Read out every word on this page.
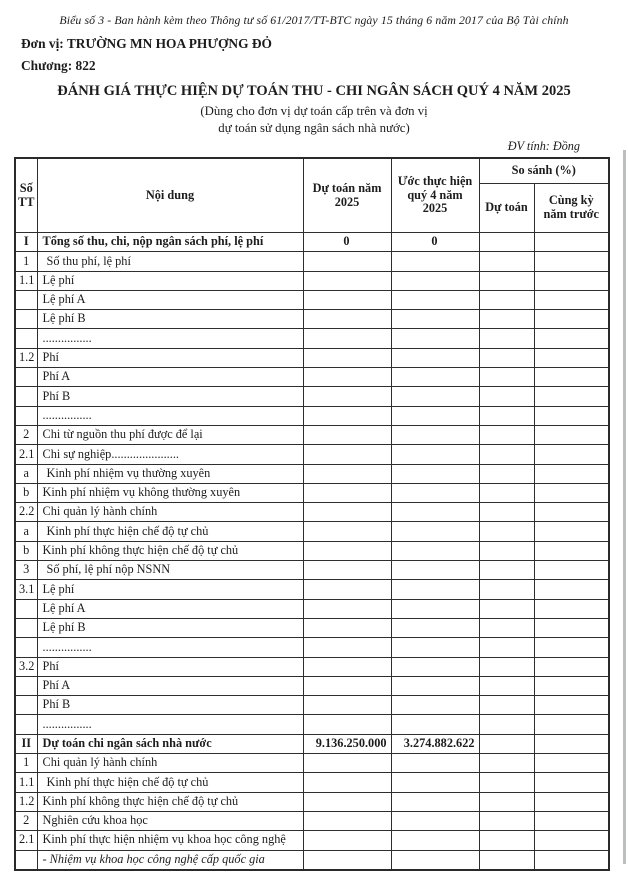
Biểu số 3 - Ban hành kèm theo Thông tư số 61/2017/TT-BTC ngày 15 tháng 6 năm 2017 của Bộ Tài chính
Đơn vị: TRƯỜNG MN HOA PHƯỢNG ĐỎ
Chương: 822
ĐÁNH GIÁ THỰC HIỆN DỰ TOÁN THU - CHI NGÂN SÁCH QUÝ 4 NĂM 2025
(Dùng cho đơn vị dự toán cấp trên và đơn vị
dự toán sử dụng ngân sách nhà nước)
ĐV tính: Đồng
Số TT	Nội dung	Dự toán năm 2025	Ước thực hiện quý 4 năm 2025	So sánh (%)	
				Dự toán	Cùng kỳ năm trước
I	Tổng số thu, chi, nộp ngân sách phí, lệ phí	0	0		
1	Số thu phí, lệ phí				
1.1	Lệ phí				
	Lệ phí A				
	Lệ phí B				
	................				
1.2	Phí				
	Phí A				
	Phí B				
	................				
2	Chi từ nguồn thu phí được để lại				
2.1	Chi sự nghiệp......................				
a	Kinh phí nhiệm vụ thường xuyên				
b	Kinh phí nhiệm vụ không thường xuyên				
2.2	Chi quản lý hành chính				
a	Kinh phí thực hiện chế độ tự chủ				
b	Kinh phí không thực hiện chế độ tự chủ				
3	Số phí, lệ phí nộp NSNN				
3.1	Lệ phí				
	Lệ phí A				
	Lệ phí B				
	................				
3.2	Phí				
	Phí A				
	Phí B				
	................				
II	Dự toán chi ngân sách nhà nước	9.136.250.000	3.274.882.622		
1	Chi quản lý hành chính				
1.1	Kinh phí thực hiện chế độ tự chủ				
1.2	Kinh phí không thực hiện chế độ tự chủ				
2	Nghiên cứu khoa học				
2.1	Kinh phí thực hiện nhiệm vụ khoa học công nghệ				
	- Nhiệm vụ khoa học công nghệ cấp quốc gia				
